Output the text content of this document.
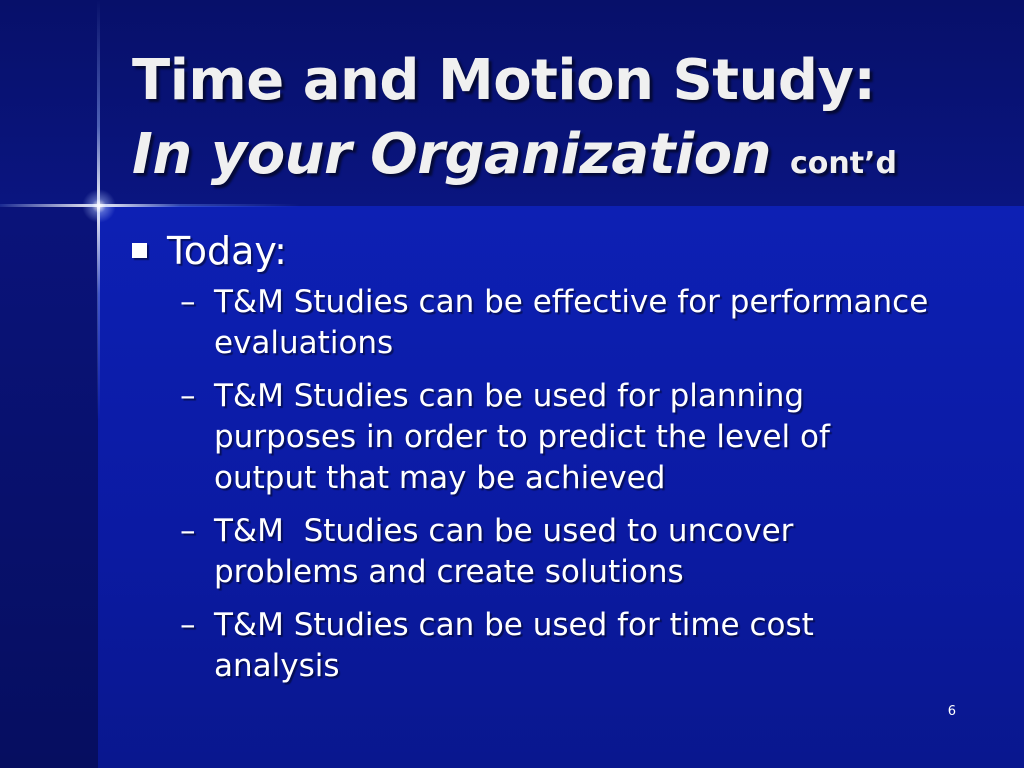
Time and Motion Study:
In your Organization cont’d
Today:
– T&M Studies can be effective for performance evaluations
– T&M Studies can be used for planning purposes in order to predict the level of output that may be achieved
– T&M  Studies can be used to uncover problems and create solutions
– T&M Studies can be used for time cost analysis
6
